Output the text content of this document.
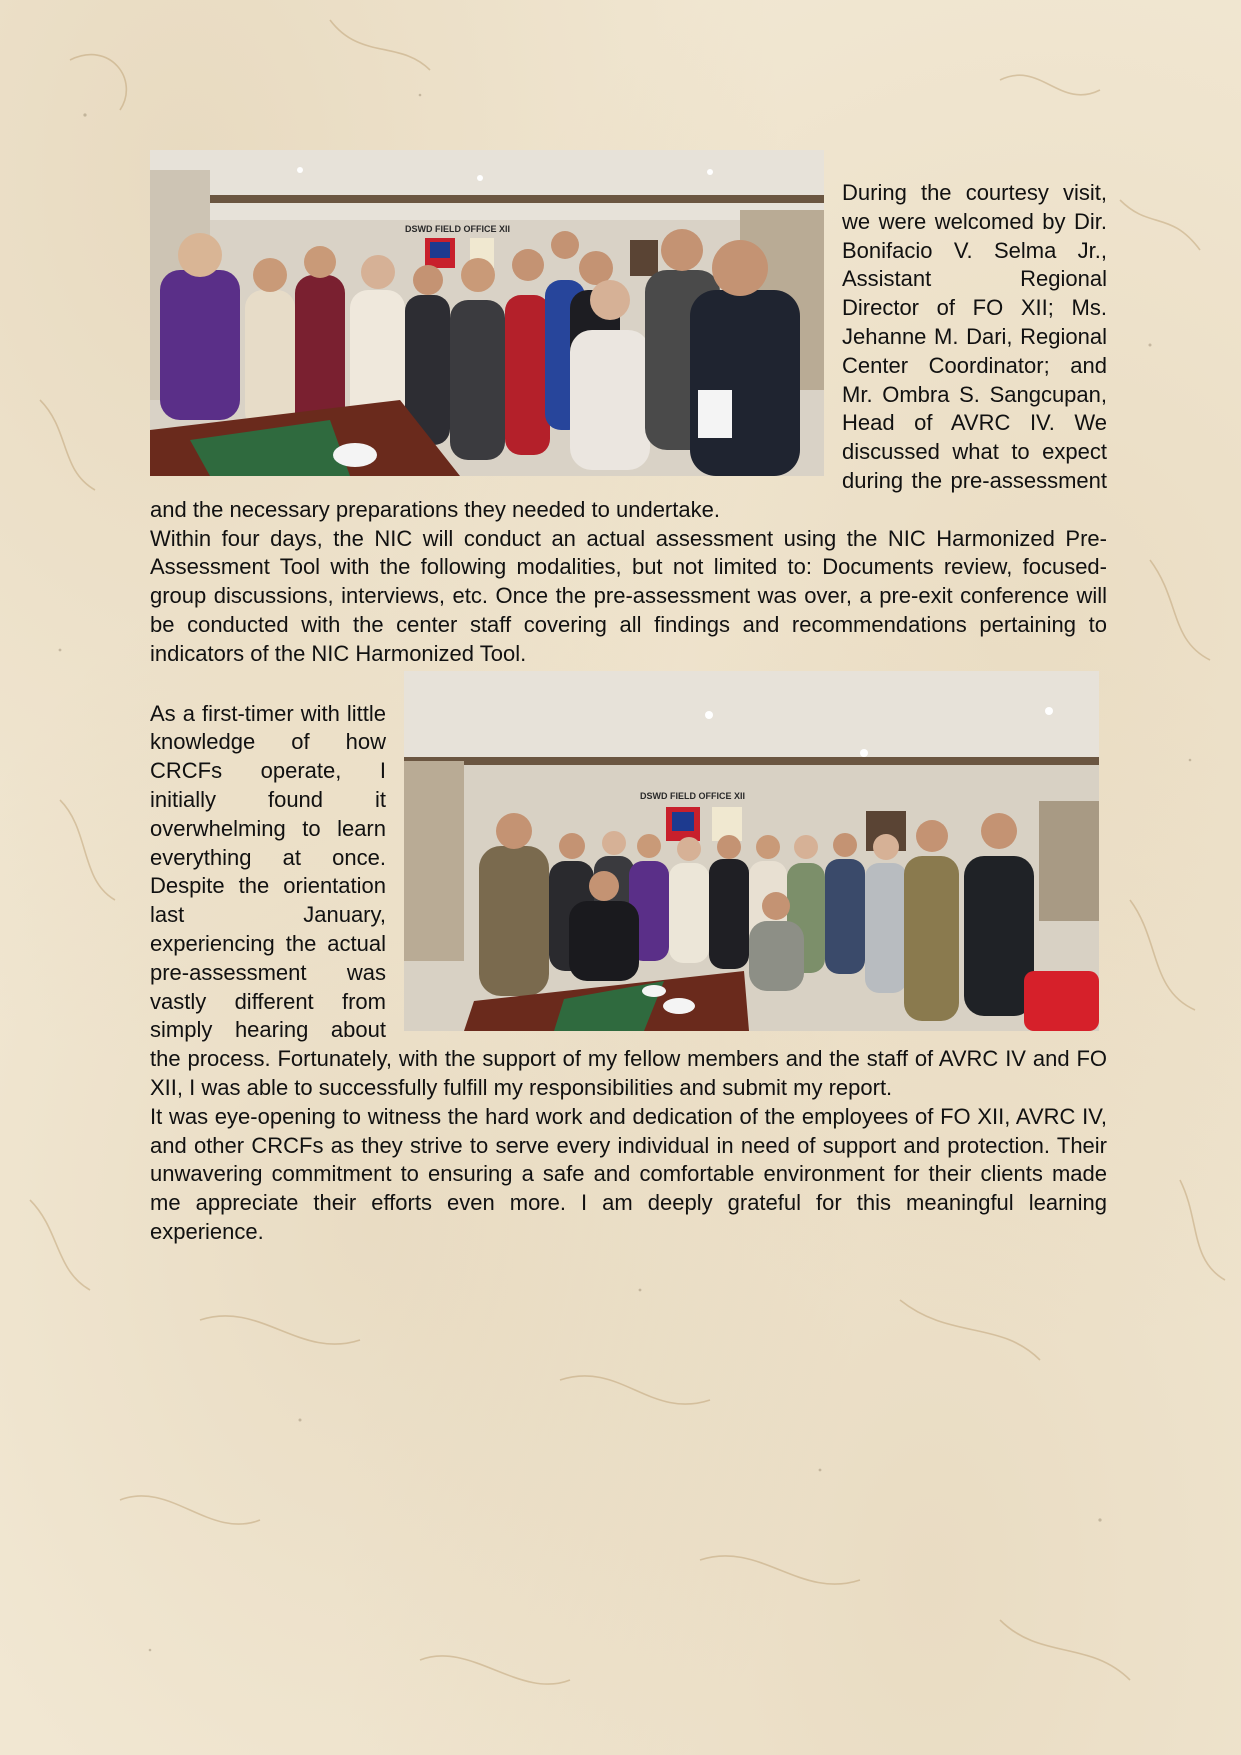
DSWD FIELD OFFICE XII

During the courtesy visit, we were welcomed by Dir. Bonifacio V. Selma Jr., Assistant Regional Director of FO XII; Ms. Jehanne M. Dari, Regional Center Coordinator; and Mr. Ombra S. Sangcupan, Head of AVRC IV. We discussed what to expect during the pre-assessment and the necessary preparations they needed to undertake.

Within four days, the NIC will conduct an actual assessment using the NIC Harmonized Pre-Assessment Tool with the following modalities, but not limited to: Documents review, focused-group discussions, interviews, etc. Once the pre-assessment was over, a pre-exit conference will be conducted with the center staff covering all findings and recommendations pertaining to indicators of the NIC Harmonized Tool.

DSWD FIELD OFFICE XII

As a first-timer with little knowledge of how CRCFs operate, I initially found it overwhelming to learn everything at once. Despite the orientation last January, experiencing the actual pre-assessment was vastly different from simply hearing about the process. Fortunately, with the support of my fellow members and the staff of AVRC IV and FO XII, I was able to successfully fulfill my responsibilities and submit my report.

It was eye-opening to witness the hard work and dedication of the employees of FO XII, AVRC IV, and other CRCFs as they strive to serve every individual in need of support and protection. Their unwavering commitment to ensuring a safe and comfortable environment for their clients made me appreciate their efforts even more. I am deeply grateful for this meaningful learning experience.
